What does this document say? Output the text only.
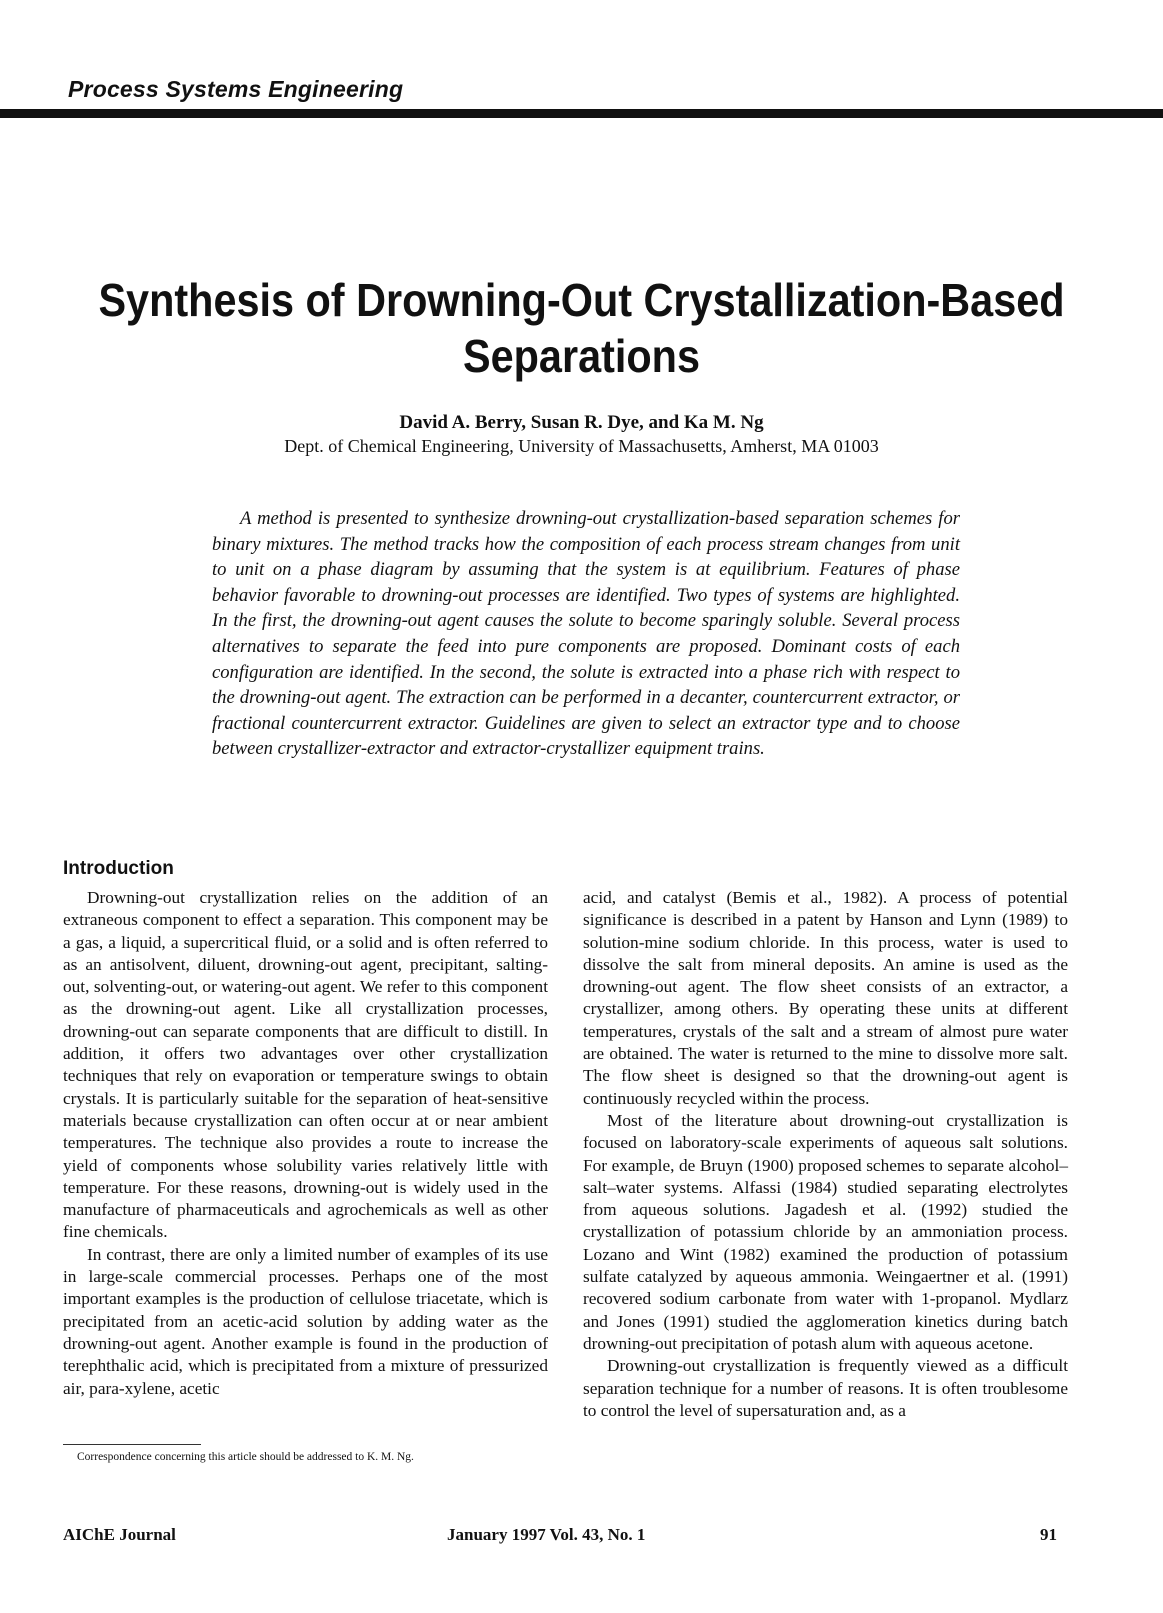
Process Systems Engineering
Synthesis of Drowning-Out Crystallization-Based Separations
David A. Berry, Susan R. Dye, and Ka M. Ng
Dept. of Chemical Engineering, University of Massachusetts, Amherst, MA 01003

A method is presented to synthesize drowning-out crystallization-based separation schemes for binary mixtures. The method tracks how the composition of each process stream changes from unit to unit on a phase diagram by assuming that the system is at equilibrium. Features of phase behavior favorable to drowning-out processes are identified. Two types of systems are highlighted. In the first, the drowning-out agent causes the solute to become sparingly soluble. Several process alternatives to separate the feed into pure components are proposed. Dominant costs of each configuration are identified. In the second, the solute is extracted into a phase rich with respect to the drowning-out agent. The extraction can be performed in a decanter, countercurrent extractor, or fractional countercurrent extractor. Guidelines are given to select an extractor type and to choose between crystallizer-extractor and extractor-crystallizer equipment trains.

Introduction

Drowning-out crystallization relies on the addition of an extraneous component to effect a separation. This component may be a gas, a liquid, a supercritical fluid, or a solid and is often referred to as an antisolvent, diluent, drowning-out agent, precipitant, salting-out, solventing-out, or watering-out agent. We refer to this component as the drowning-out agent. Like all crystallization processes, drowning-out can separate components that are difficult to distill. In addition, it offers two advantages over other crystallization techniques that rely on evaporation or temperature swings to obtain crystals. It is particularly suitable for the separation of heat-sensitive materials because crystallization can often occur at or near ambient temperatures. The technique also provides a route to increase the yield of components whose solubility varies relatively little with temperature. For these reasons, drowning-out is widely used in the manufacture of pharmaceuticals and agrochemicals as well as other fine chemicals.

In contrast, there are only a limited number of examples of its use in large-scale commercial processes. Perhaps one of the most important examples is the production of cellulose triacetate, which is precipitated from an acetic-acid solution by adding water as the drowning-out agent. Another example is found in the production of terephthalic acid, which is precipitated from a mixture of pressurized air, para-xylene, acetic

acid, and catalyst (Bemis et al., 1982). A process of potential significance is described in a patent by Hanson and Lynn (1989) to solution-mine sodium chloride. In this process, water is used to dissolve the salt from mineral deposits. An amine is used as the drowning-out agent. The flow sheet consists of an extractor, a crystallizer, among others. By operating these units at different temperatures, crystals of the salt and a stream of almost pure water are obtained. The water is returned to the mine to dissolve more salt. The flow sheet is designed so that the drowning-out agent is continuously recycled within the process.

Most of the literature about drowning-out crystallization is focused on laboratory-scale experiments of aqueous salt solutions. For example, de Bruyn (1900) proposed schemes to separate alcohol–salt–water systems. Alfassi (1984) studied separating electrolytes from aqueous solutions. Jagadesh et al. (1992) studied the crystallization of potassium chloride by an ammoniation process. Lozano and Wint (1982) examined the production of potassium sulfate catalyzed by aqueous ammonia. Weingaertner et al. (1991) recovered sodium carbonate from water with 1-propanol. Mydlarz and Jones (1991) studied the agglomeration kinetics during batch drowning-out precipitation of potash alum with aqueous acetone.

Drowning-out crystallization is frequently viewed as a difficult separation technique for a number of reasons. It is often troublesome to control the level of supersaturation and, as a

Correspondence concerning this article should be addressed to K. M. Ng.
AIChE Journal	January 1997 Vol. 43, No. 1	91
